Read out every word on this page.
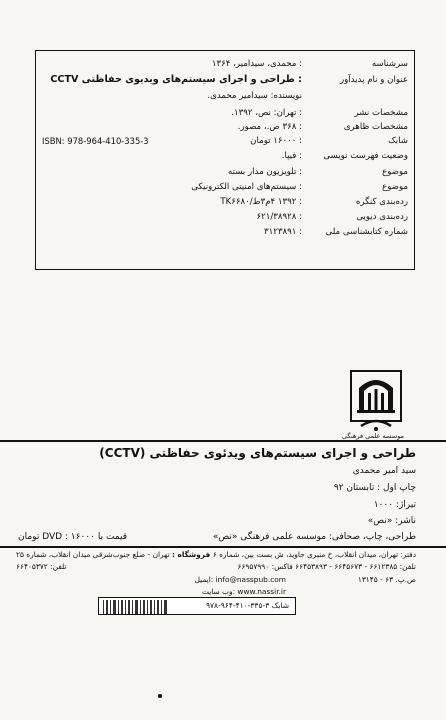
سرشناسه
: محمدی، سیدامیر، ۱۳۶۴
عنوان و نام پدیدآور
: طراحی و اجرای سیستم‌های ویدیوی حفاظتی CCTV
نویسنده: سیدامیر محمدی.
مشخصات نشر
: تهران: نص، ۱۳۹۲.
مشخصات ظاهری
: ۳۶۸ ص.، مصور.
شابک
: ۱۶۰۰۰ تومان
ISBN: 978-964-410-335-3
وضعیت فهرست نویسی
: فیپا.
موضوع
: تلویزیون مدار بسته
موضوع
: سیستم‌های امنیتی الکترونیکی
رده‌بندی کنگره
: ۱۳۹۲ ۴م۳ط/TK۶۶۸۰
رده‌بندی دیویی
: ۶۲۱/۳۸۹۲۸
شماره کتابشناسی ملی
: ۳۱۲۳۸۹۱
موسسه علمی فرهنگی
طراحی و اجرای سیستم‌های ویدئوی حفاظتی (CCTV)
سید امیر محمدی
چاپ اول : تابستان ۹۲
تیراژ: ۱۰۰۰
ناشر: «نص»
طراحی، چاپ، صحافی: موسسه علمی فرهنگی «نص»
قیمت با DVD : ۱۶۰۰۰ تومان
دفتر: تهران، میدان انقلاب، خ منیری جاوید، ش بست بین، شماره ۶
تلفن: ۶۶۱۲۳۸۵ - ۶۶۴۵۶۷۳ - ۶۶۴۵۳۸۹۳ فاکس: ۶۶۹۵۷۹۹۰
ص.پ. ۶۳ - ۱۳۱۴۵
ایمیل: info@nasspub.com
وب سایت: www.nassir.ir
فروشگاه : تهران - ضلع جنوب‌شرقی میدان انقلاب، شماره ۲۵
تلفن: ۶۶۴۰۵۳۷۲
شابک ۳-۳۳۵-۴۱۰-۹۶۴-۹۷۸
